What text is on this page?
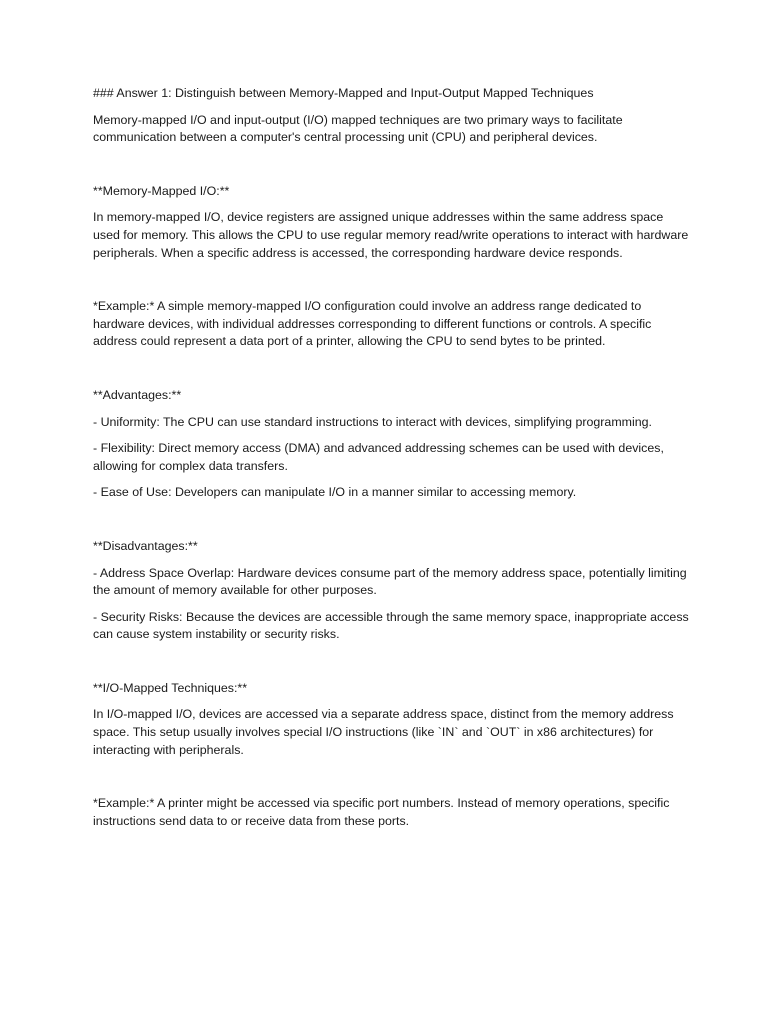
### Answer 1: Distinguish between Memory-Mapped and Input-Output Mapped Techniques

Memory-mapped I/O and input-output (I/O) mapped techniques are two primary ways to facilitate communication between a computer's central processing unit (CPU) and peripheral devices.

**Memory-Mapped I/O:**

In memory-mapped I/O, device registers are assigned unique addresses within the same address space used for memory. This allows the CPU to use regular memory read/write operations to interact with hardware peripherals. When a specific address is accessed, the corresponding hardware device responds.

*Example:* A simple memory-mapped I/O configuration could involve an address range dedicated to hardware devices, with individual addresses corresponding to different functions or controls. A specific address could represent a data port of a printer, allowing the CPU to send bytes to be printed.

**Advantages:**

- Uniformity: The CPU can use standard instructions to interact with devices, simplifying programming.

- Flexibility: Direct memory access (DMA) and advanced addressing schemes can be used with devices, allowing for complex data transfers.

- Ease of Use: Developers can manipulate I/O in a manner similar to accessing memory.

**Disadvantages:**

- Address Space Overlap: Hardware devices consume part of the memory address space, potentially limiting the amount of memory available for other purposes.

- Security Risks: Because the devices are accessible through the same memory space, inappropriate access can cause system instability or security risks.

**I/O-Mapped Techniques:**

In I/O-mapped I/O, devices are accessed via a separate address space, distinct from the memory address space. This setup usually involves special I/O instructions (like `IN` and `OUT` in x86 architectures) for interacting with peripherals.

*Example:* A printer might be accessed via specific port numbers. Instead of memory operations, specific instructions send data to or receive data from these ports.
